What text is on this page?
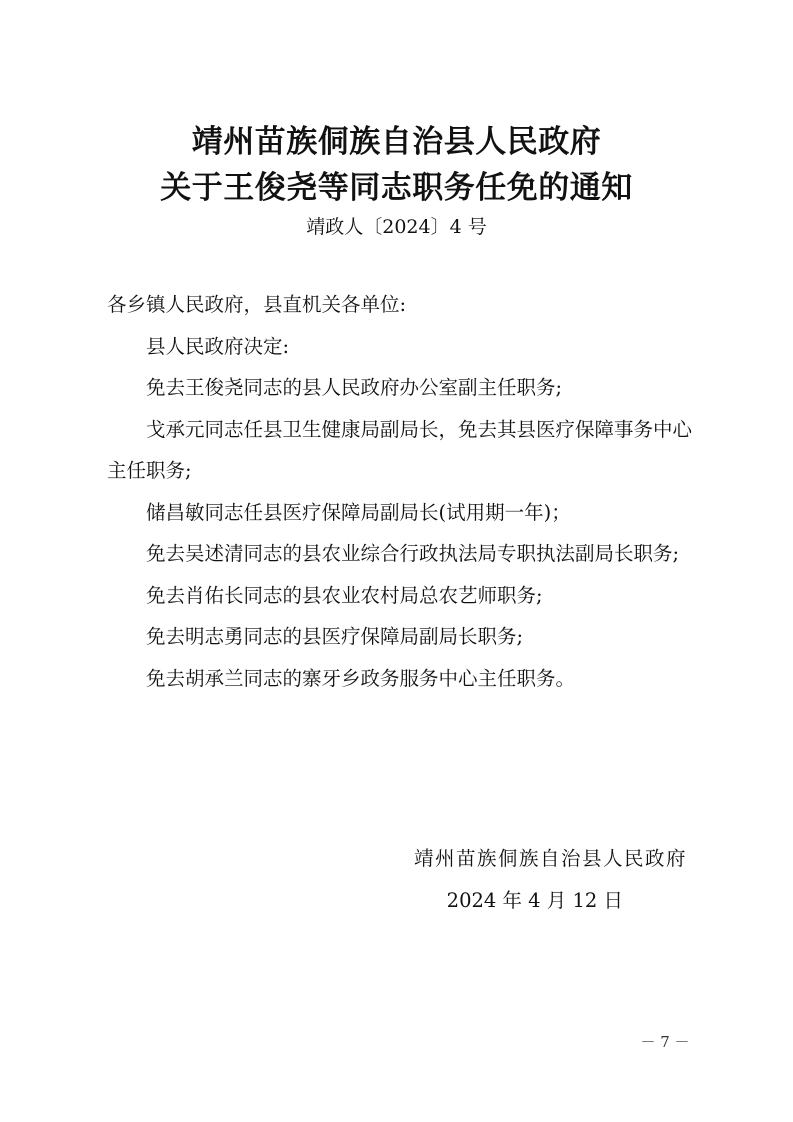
靖州苗族侗族自治县人民政府
关于王俊尧等同志职务任免的通知
靖政人〔2024〕4 号

各乡镇人民政府，县直机关各单位:

县人民政府决定:

免去王俊尧同志的县人民政府办公室副主任职务;

戈承元同志任县卫生健康局副局长，免去其县医疗保障事务中心主任职务;

储昌敏同志任县医疗保障局副局长(试用期一年)；

免去吴述清同志的县农业综合行政执法局专职执法副局长职务;

免去肖佑长同志的县农业农村局总农艺师职务;

免去明志勇同志的县医疗保障局副局长职务;

免去胡承兰同志的寨牙乡政务服务中心主任职务。

靖州苗族侗族自治县人民政府
2024 年 4 月 12 日
－ 7 －
